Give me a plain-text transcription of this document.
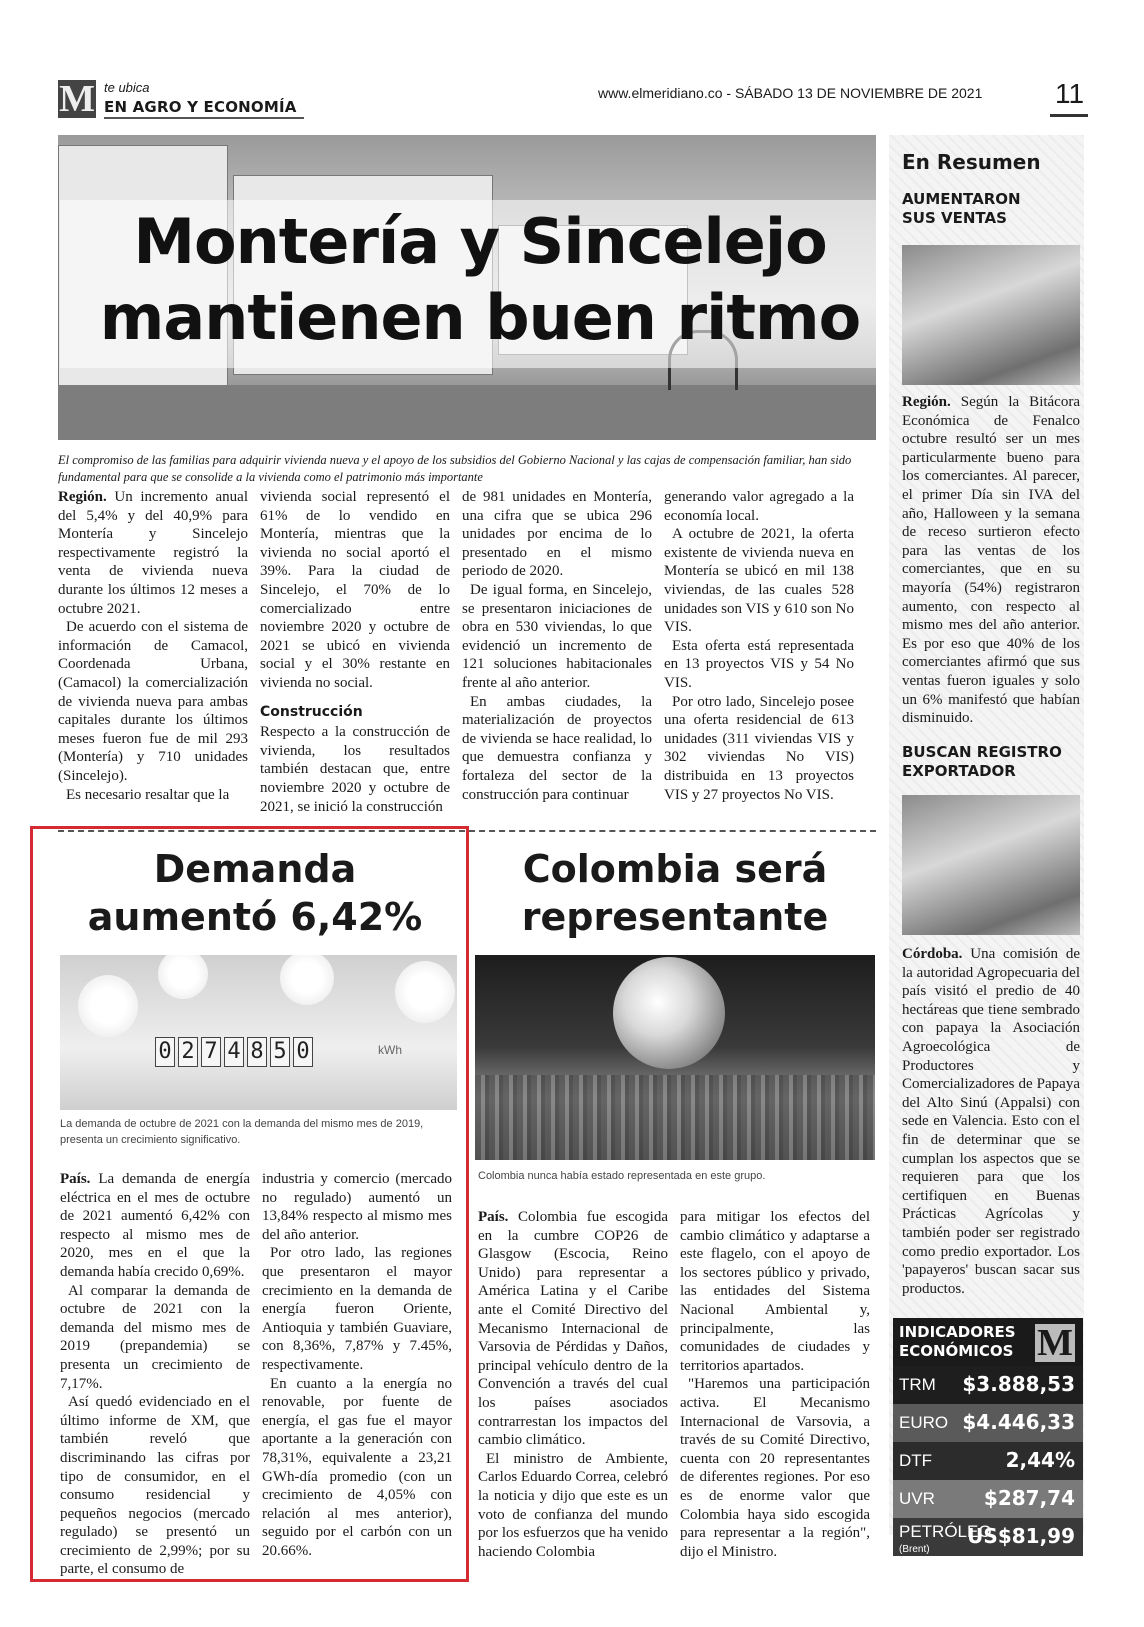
M te ubica
EN AGRO Y ECONOMÍA
www.elmeridiano.co - SÁBADO 13 DE NOVIEMBRE DE 2021	11
Montería y Sincelejo
mantienen buen ritmo
El compromiso de las familias para adquirir vivienda nueva y el apoyo de los subsidios del Gobierno Nacional y las cajas de compensación familiar, han sido fundamental para que se consolide a la vivienda como el patrimonio más importante

Región. Un incremento anual del 5,4% y del 40,9% para Montería y Sincelejo respectivamente registró la venta de vivienda nueva durante los últimos 12 meses a octubre 2021.

De acuerdo con el sistema de información de Camacol, Coordenada Urbana, (Camacol) la comercialización de vivienda nueva para ambas capitales durante los últimos meses fueron fue de mil 293 (Montería) y 710 unidades (Sincelejo).

Es necesario resaltar que la

vivienda social representó el 61% de lo vendido en Montería, mientras que la vivienda no social aportó el 39%. Para la ciudad de Sincelejo, el 70% de lo comercializado entre noviembre 2020 y octubre de 2021 se ubicó en vivienda social y el 30% restante en vivienda no social.

Construcción

Respecto a la construcción de vivienda, los resultados también destacan que, entre noviembre 2020 y octubre de 2021, se inició la construcción

de 981 unidades en Montería, una cifra que se ubica 296 unidades por encima de lo presentado en el mismo periodo de 2020.

De igual forma, en Sincelejo, se presentaron iniciaciones de obra en 530 viviendas, lo que evidenció un incremento de 121 soluciones habitacionales frente al año anterior.

En ambas ciudades, la materialización de proyectos de vivienda se hace realidad, lo que demuestra confianza y fortaleza del sector de la construcción para continuar

generando valor agregado a la economía local.

A octubre de 2021, la oferta existente de vivienda nueva en Montería se ubicó en mil 138 viviendas, de las cuales 528 unidades son VIS y 610 son No VIS.

Esta oferta está representada en 13 proyectos VIS y 54 No VIS.

Por otro lado, Sincelejo posee una oferta residencial de 613 unidades (311 viviendas VIS y 302 viviendas No VIS) distribuida en 13 proyectos VIS y 27 proyectos No VIS.

Demanda
aumentó 6,42%
0 2 7 4 8 5 0	kWh
La demanda de octubre de 2021 con la demanda del mismo mes de 2019, presenta un crecimiento significativo.

País. La demanda de energía eléctrica en el mes de octubre de 2021 aumentó 6,42% con respecto al mismo mes de 2020, mes en el que la demanda había crecido 0,69%.

Al comparar la demanda de octubre de 2021 con la demanda del mismo mes de 2019 (prepandemia) se presenta un crecimiento de 7,17%.

Así quedó evidenciado en el último informe de XM, que también reveló que discriminando las cifras por tipo de consumidor, en el consumo residencial y pequeños negocios (mercado regulado) se presentó un crecimiento de 2,99%; por su parte, el consumo de

industria y comercio (mercado no regulado) aumentó un 13,84% respecto al mismo mes del año anterior.

Por otro lado, las regiones que presentaron el mayor crecimiento en la demanda de energía fueron Oriente, Antioquia y también Guaviare, con 8,36%, 7,87% y 7.45%, respectivamente.

En cuanto a la energía no renovable, por fuente de energía, el gas fue el mayor aportante a la generación con 78,31%, equivalente a 23,21 GWh-día promedio (con un crecimiento de 4,05% con relación al mes anterior), seguido por el carbón con un 20.66%.

Colombia será
representante
Colombia nunca había estado representada en este grupo.

País. Colombia fue escogida en la cumbre COP26 de Glasgow (Escocia, Reino Unido) para representar a América Latina y el Caribe ante el Comité Directivo del Mecanismo Internacional de Varsovia de Pérdidas y Daños, principal vehículo dentro de la Convención a través del cual los países asociados contrarrestan los impactos del cambio climático.

El ministro de Ambiente, Carlos Eduardo Correa, celebró la noticia y dijo que este es un voto de confianza del mundo por los esfuerzos que ha venido haciendo Colombia

para mitigar los efectos del cambio climático y adaptarse a este flagelo, con el apoyo de los sectores público y privado, las entidades del Sistema Nacional Ambiental y, principalmente, las comunidades de ciudades y territorios apartados.

"Haremos una participación activa. El Mecanismo Internacional de Varsovia, a través de su Comité Directivo, cuenta con 20 representantes de diferentes regiones. Por eso es de enorme valor que Colombia haya sido escogida para representar a la región", dijo el Ministro.

En Resumen
AUMENTARON
SUS VENTAS
Región. Según la Bitácora Económica de Fenalco octubre resultó ser un mes particularmente bueno para los comerciantes. Al parecer, el primer Día sin IVA del año, Halloween y la semana de receso surtieron efecto para las ventas de los comerciantes, que en su mayoría (54%) registraron aumento, con respecto al mismo mes del año anterior. Es por eso que 40% de los comerciantes afirmó que sus ventas fueron iguales y solo un 6% manifestó que habían disminuido.
BUSCAN REGISTRO
EXPORTADOR
Córdoba. Una comisión de la autoridad Agropecuaria del país visitó el predio de 40 hectáreas que tiene sembrado con papaya la Asociación Agroecológica de Productores y Comercializadores de Papaya del Alto Sinú (Appalsi) con sede en Valencia. Esto con el fin de determinar que se cumplan los aspectos que se requieren para que los certifiquen en Buenas Prácticas Agrícolas y también poder ser registrado como predio exportador. Los 'papayeros' buscan sacar sus productos.
INDICADORES
ECONÓMICOS M
TRM $3.888,53
EURO $4.446,33
DTF	2,44%
UVR $287,74
PETRÓLEO
(Brent)
US$81,99
